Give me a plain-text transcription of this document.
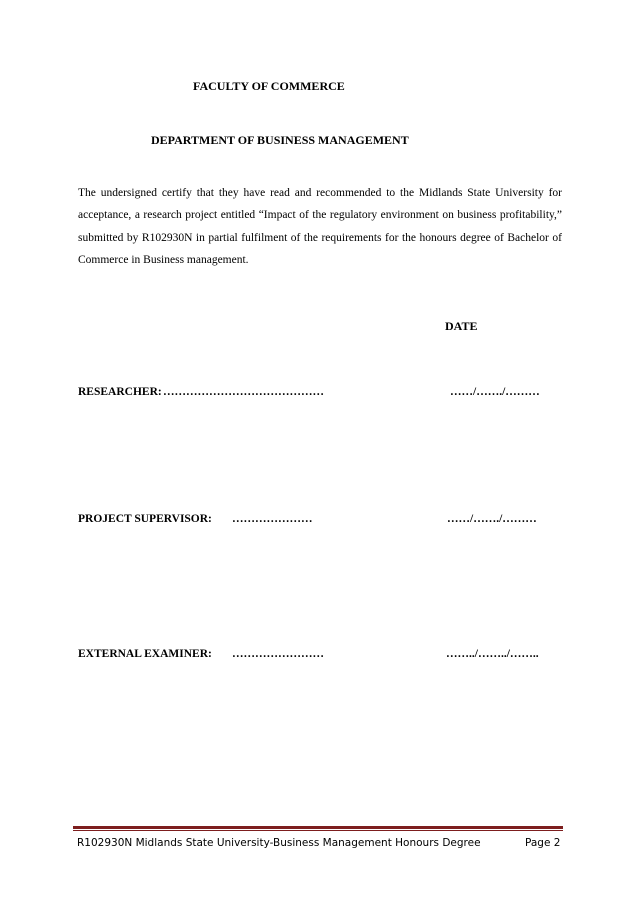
FACULTY OF COMMERCE
DEPARTMENT OF BUSINESS MANAGEMENT
The undersigned certify that they have read and recommended to the Midlands State University for acceptance, a research project entitled “Impact of the regulatory environment on business profitability,” submitted by R102930N in partial fulfilment of the requirements for the honours degree of Bachelor of Commerce in Business management.
DATE
RESEARCHER: ……………………………………	……/……./………
PROJECT SUPERVISOR: …………………	……/……./………
EXTERNAL EXAMINER: ……………………	……../……../……..
R102930N Midlands State University-Business Management Honours Degree	Page 2
